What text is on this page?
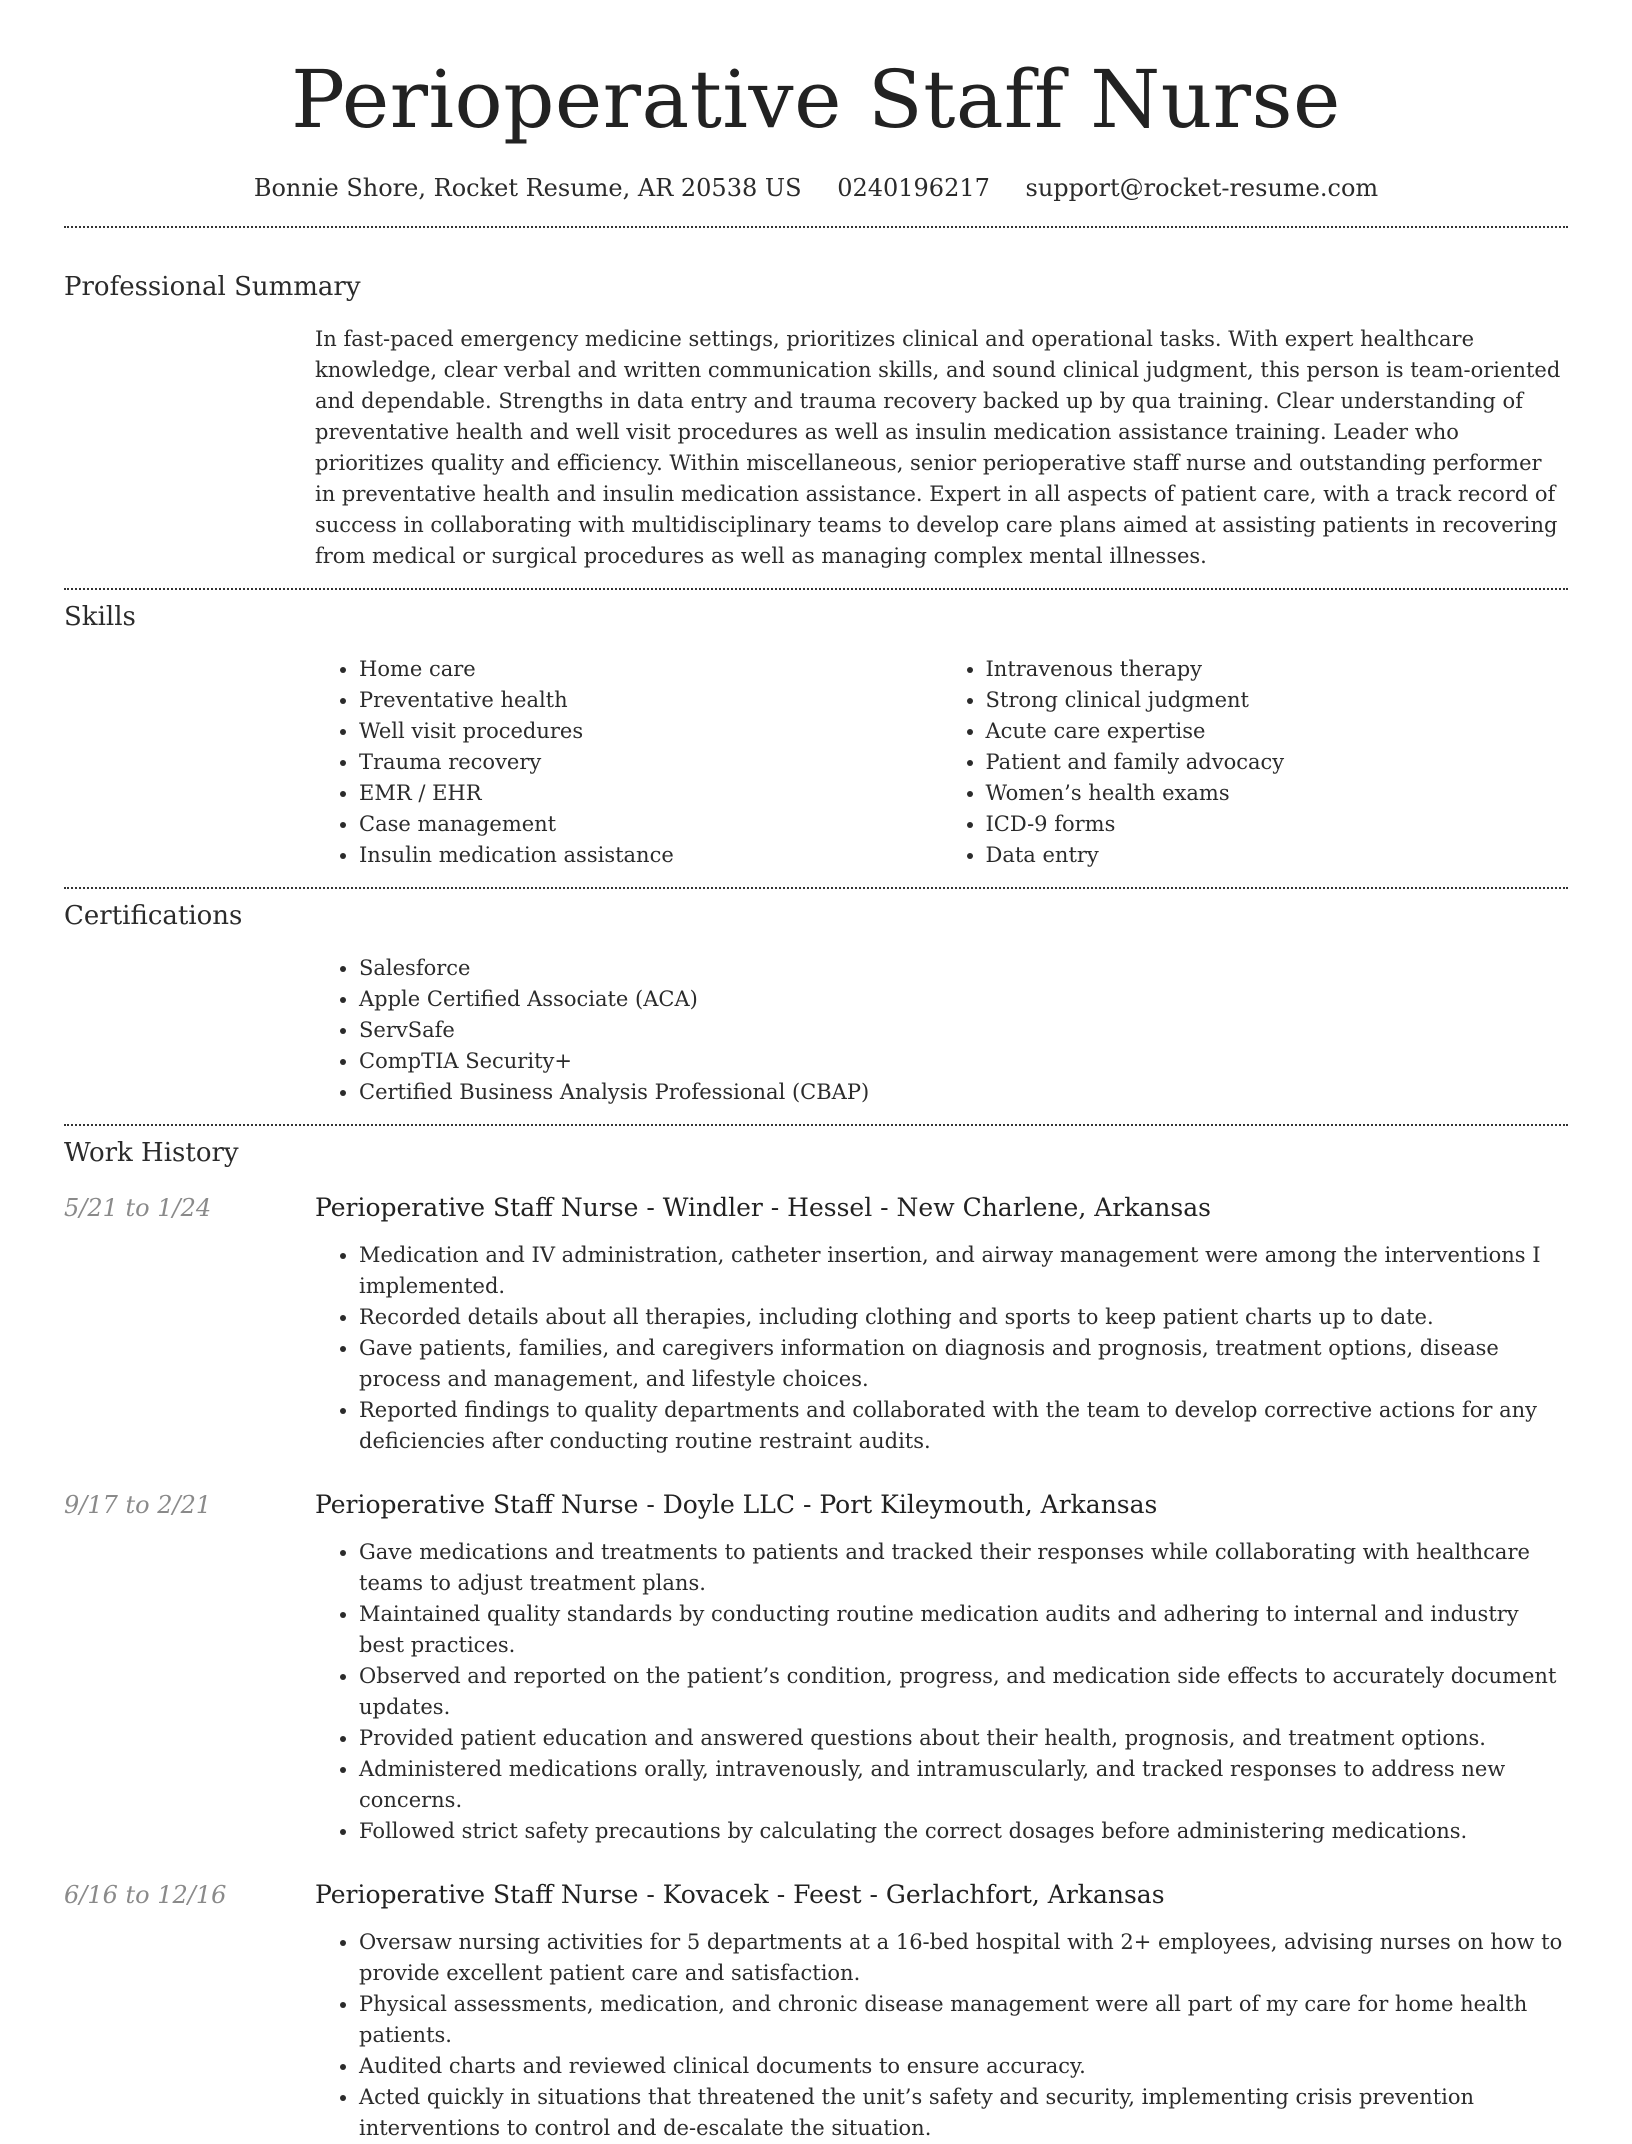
Perioperative Staff Nurse
Bonnie Shore, Rocket Resume, AR 20538 US 0240196217 support@rocket-resume.com
Professional Summary

In fast-paced emergency medicine settings, prioritizes clinical and operational tasks. With expert healthcare knowledge, clear verbal and written communication skills, and sound clinical judgment, this person is team-oriented and dependable. Strengths in data entry and trauma recovery backed up by qua training. Clear understanding of preventative health and well visit procedures as well as insulin medication assistance training. Leader who prioritizes quality and efficiency. Within miscellaneous, senior perioperative staff nurse and outstanding performer in preventative health and insulin medication assistance. Expert in all aspects of patient care, with a track record of success in collaborating with multidisciplinary teams to develop care plans aimed at assisting patients in recovering from medical or surgical procedures as well as managing complex mental illnesses.

Skills
• Home care
• Preventative health
• Well visit procedures
• Trauma recovery
• EMR / EHR
• Case management
• Insulin medication assistance
• Intravenous therapy
• Strong clinical judgment
• Acute care expertise
• Patient and family advocacy
• Women’s health exams
• ICD-9 forms
• Data entry
Certifications
• Salesforce
• Apple Certified Associate (ACA)
• ServSafe
• CompTIA Security+
• Certified Business Analysis Professional (CBAP)
Work History
5/21 to 1/24	Perioperative Staff Nurse - Windler - Hessel - New Charlene, Arkansas
• Medication and IV administration, catheter insertion, and airway management were among the interventions I implemented.
• Recorded details about all therapies, including clothing and sports to keep patient charts up to date.
• Gave patients, families, and caregivers information on diagnosis and prognosis, treatment options, disease process and management, and lifestyle choices.
• Reported findings to quality departments and collaborated with the team to develop corrective actions for any deficiencies after conducting routine restraint audits.
9/17 to 2/21	Perioperative Staff Nurse - Doyle LLC - Port Kileymouth, Arkansas
• Gave medications and treatments to patients and tracked their responses while collaborating with healthcare teams to adjust treatment plans.
• Maintained quality standards by conducting routine medication audits and adhering to internal and industry best practices.
• Observed and reported on the patient’s condition, progress, and medication side effects to accurately document updates.
• Provided patient education and answered questions about their health, prognosis, and treatment options.
• Administered medications orally, intravenously, and intramuscularly, and tracked responses to address new concerns.
• Followed strict safety precautions by calculating the correct dosages before administering medications.
6/16 to 12/16	Perioperative Staff Nurse - Kovacek - Feest - Gerlachfort, Arkansas
• Oversaw nursing activities for 5 departments at a 16-bed hospital with 2+ employees, advising nurses on how to provide excellent patient care and satisfaction.
• Physical assessments, medication, and chronic disease management were all part of my care for home health patients.
• Audited charts and reviewed clinical documents to ensure accuracy.
• Acted quickly in situations that threatened the unit’s safety and security, implementing crisis prevention interventions to control and de-escalate the situation.
